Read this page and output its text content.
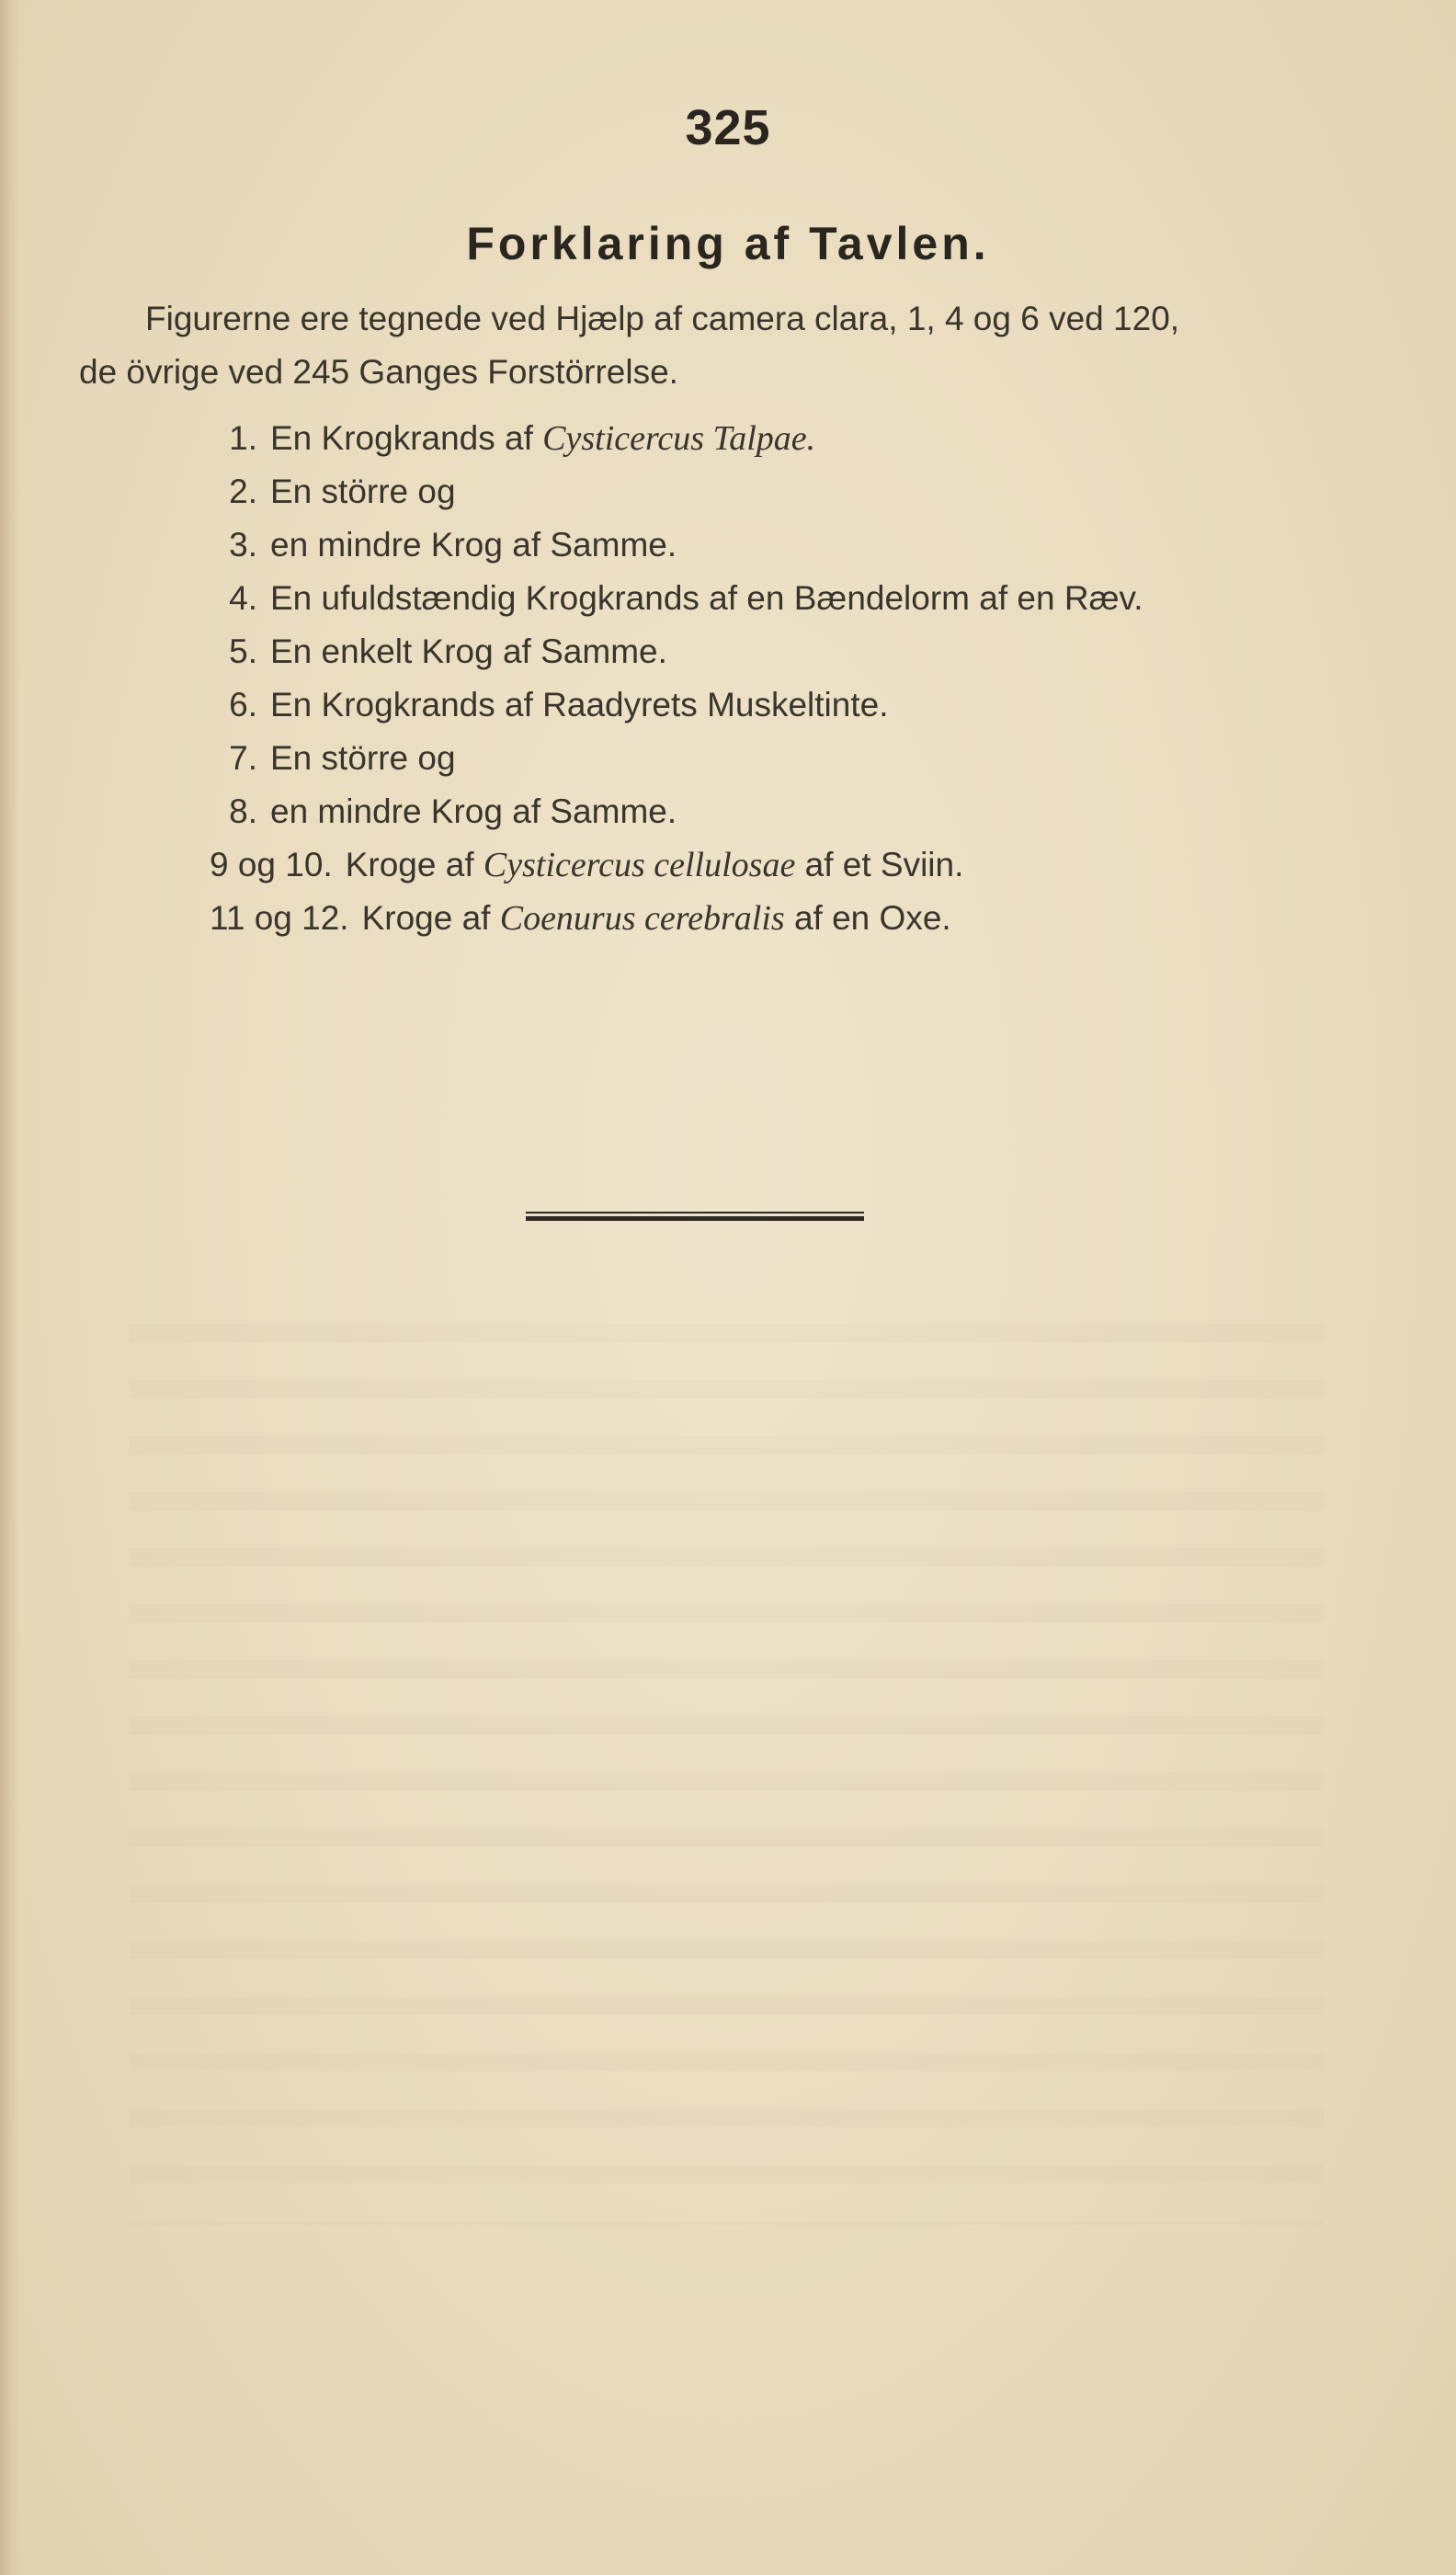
325
Forklaring af Tavlen.
Figurerne ere tegnede ved Hjælp af camera clara, 1, 4 og 6 ved 120,
de övrige ved 245 Ganges Forstörrelse.
1. En Krogkrands af Cysticercus Talpae.
2. En större og
3. en mindre Krog af Samme.
4. En ufuldstændig Krogkrands af en Bændelorm af en Ræv.
5. En enkelt Krog af Samme.
6. En Krogkrands af Raadyrets Muskeltinte.
7. En större og
8. en mindre Krog af Samme.
9 og 10. Kroge af Cysticercus cellulosae af et Sviin.
11 og 12. Kroge af Coenurus cerebralis af en Oxe.
